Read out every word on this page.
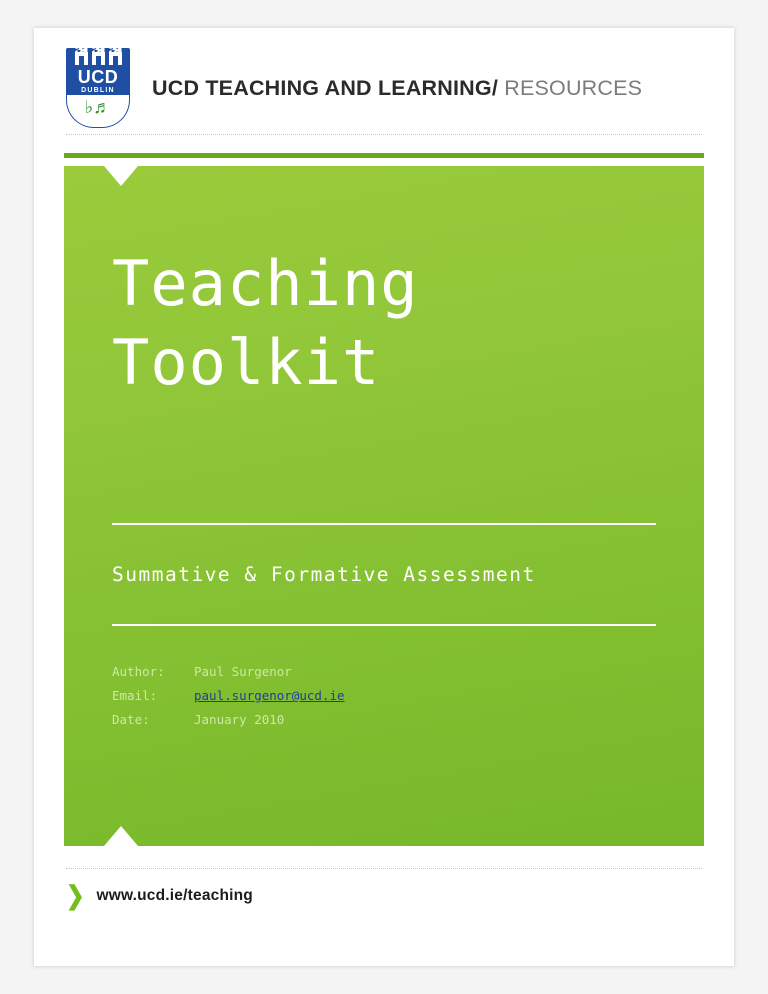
UCD
DUBLIN
♭♬
UCD TEACHING AND LEARNING/ RESOURCES
Teaching
Toolkit
Summative & Formative Assessment
Author:	Paul Surgenor
Email:	paul.surgenor@ucd.ie
Date:	January 2010
❯ www.ucd.ie/teaching
